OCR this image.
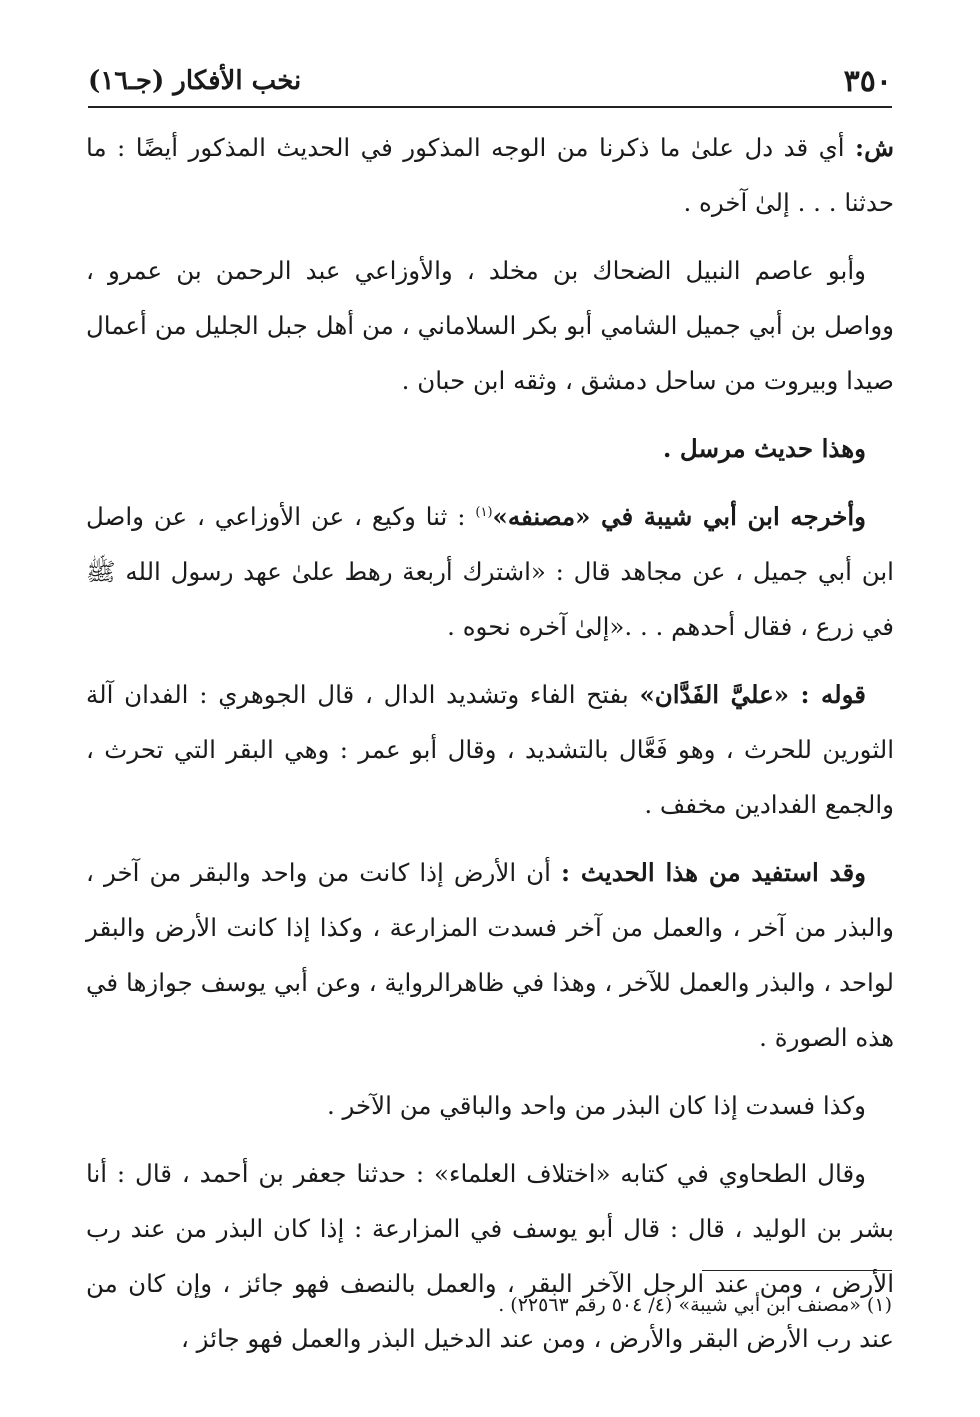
٣٥٠
نخب الأفكار (جـ١٦)

ش: أي قد دل علىٰ ما ذكرنا من الوجه المذكور في الحديث المذكور أيضًا : ما حدثنا . . . إلىٰ آخره .

وأبو عاصم النبيل الضحاك بن مخلد ، والأوزاعي عبد الرحمن بن عمرو ، وواصل بن أبي جميل الشامي أبو بكر السلاماني ، من أهل جبل الجليل من أعمال صيدا وبيروت من ساحل دمشق ، وثقه ابن حبان .

وهذا حديث مرسل .

وأخرجه ابن أبي شيبة في «مصنفه»$^{(١)}$ : ثنا وكيع ، عن الأوزاعي ، عن واصل ابن أبي جميل ، عن مجاهد قال : «اشترك أربعة رهط علىٰ عهد رسول الله ﷺ في زرع ، فقال أحدهم . . .«إلىٰ آخره نحوه .

قوله : «عليَّ الفَدَّان» بفتح الفاء وتشديد الدال ، قال الجوهري : الفدان آلة الثورين للحرث ، وهو فَعَّال بالتشديد ، وقال أبو عمر : وهي البقر التي تحرث ، والجمع الفدادين مخفف .

وقد استفيد من هذا الحديث : أن الأرض إذا كانت من واحد والبقر من آخر ، والبذر من آخر ، والعمل من آخر فسدت المزارعة ، وكذا إذا كانت الأرض والبقر لواحد ، والبذر والعمل للآخر ، وهذا في ظاهرالرواية ، وعن أبي يوسف جوازها في هذه الصورة .

وكذا فسدت إذا كان البذر من واحد والباقي من الآخر .

وقال الطحاوي في كتابه «اختلاف العلماء» : حدثنا جعفر بن أحمد ، قال : أنا بشر بن الوليد ، قال : قال أبو يوسف في المزارعة : إذا كان البذر من عند رب الأرض ، ومن عند الرجل الآخر البقر ، والعمل بالنصف فهو جائز ، وإن كان من عند رب الأرض البقر والأرض ، ومن عند الدخيل البذر والعمل فهو جائز ،

(١) «مصنف ابن أبي شيبة» (٤/ ٥٠٤ رقم ٢٢٥٦٣) .
